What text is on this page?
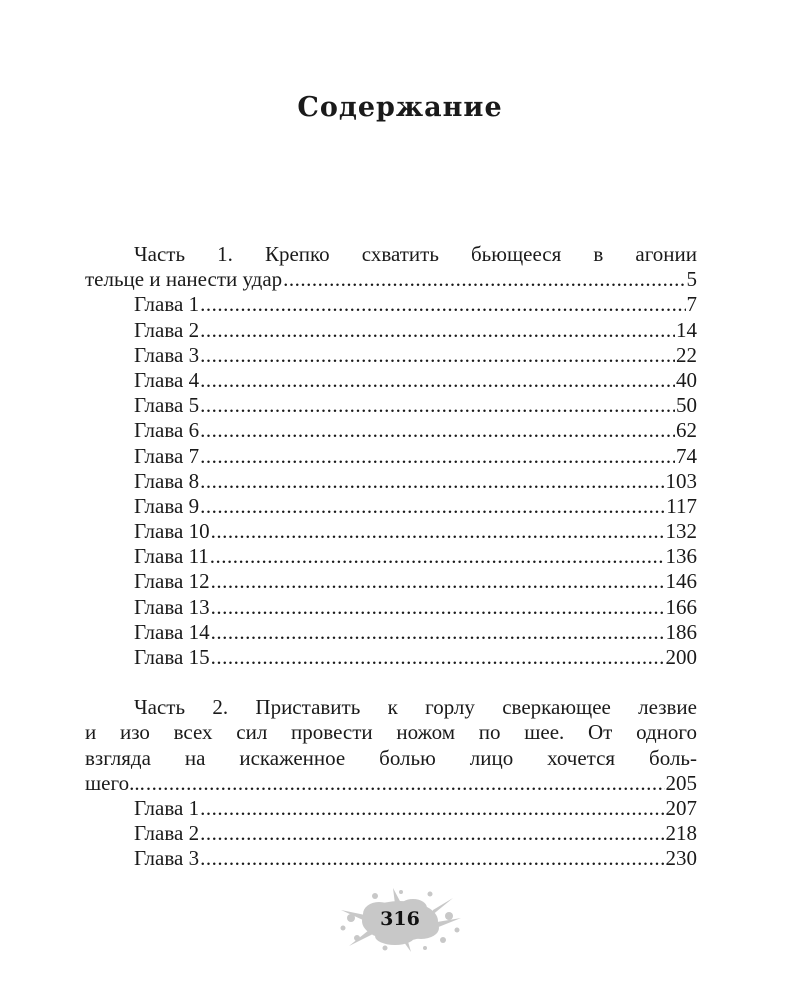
Содержание
Часть 1. Крепко схватить бьющееся в агонии
тельце и нанести удар .....	5
Глава 1 .....	7
Глава 2 .....	14
Глава 3 .....	22
Глава 4 .....	40
Глава 5 .....	50
Глава 6 .....	62
Глава 7 .....	74
Глава 8 .....	103
Глава 9 .....	117
Глава 10 .....	132
Глава 11 .....	136
Глава 12 .....	146
Глава 13 .....	166
Глава 14 .....	186
Глава 15 .....	200
Часть 2. Приставить к горлу сверкающее лезвие
и изо всех сил провести ножом по шее. От одного
взгляда на искаженное болью лицо хочется боль-
шего... .....	205
Глава 1 .....	207
Глава 2 .....	218
Глава 3 .....	230
316
